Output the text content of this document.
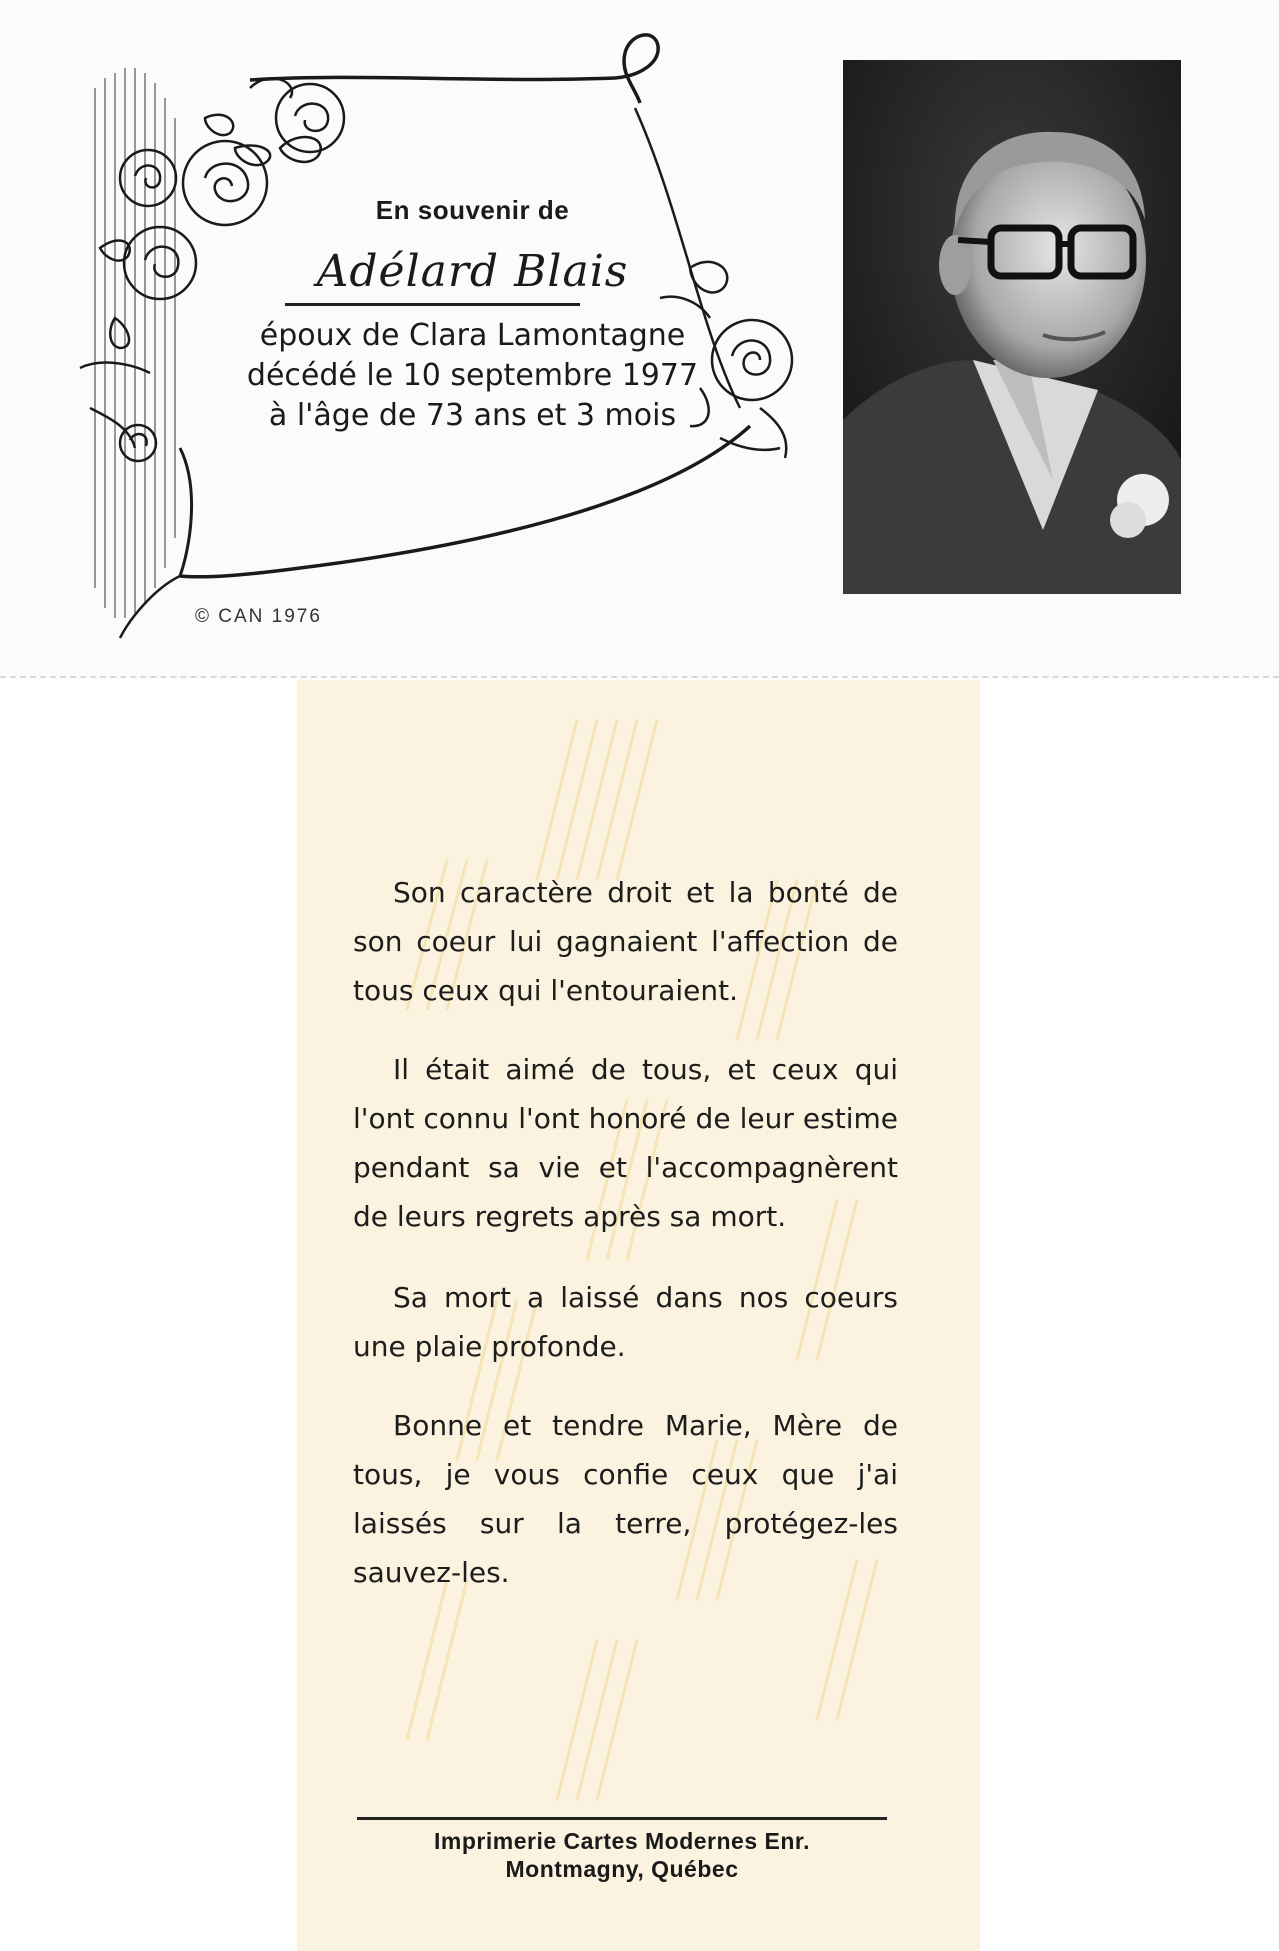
En souvenir de

Adélard Blais

époux de Clara Lamontagne

décédé le 10 septembre 1977

à l'âge de 73 ans et 3 mois

© CAN 1976

Son caractère droit et la bonté de son coeur lui gagnaient l'affection de tous ceux qui l'entouraient.

Il était aimé de tous, et ceux qui l'ont connu l'ont honoré de leur estime pendant sa vie et l'accompagnèrent de leurs regrets après sa mort.

Sa mort a laissé dans nos coeurs une plaie profonde.

Bonne et tendre Marie, Mère de tous, je vous confie ceux que j'ai laissés sur la terre, protégez-les sauvez-les.

Imprimerie Cartes Modernes Enr.
Montmagny, Québec
